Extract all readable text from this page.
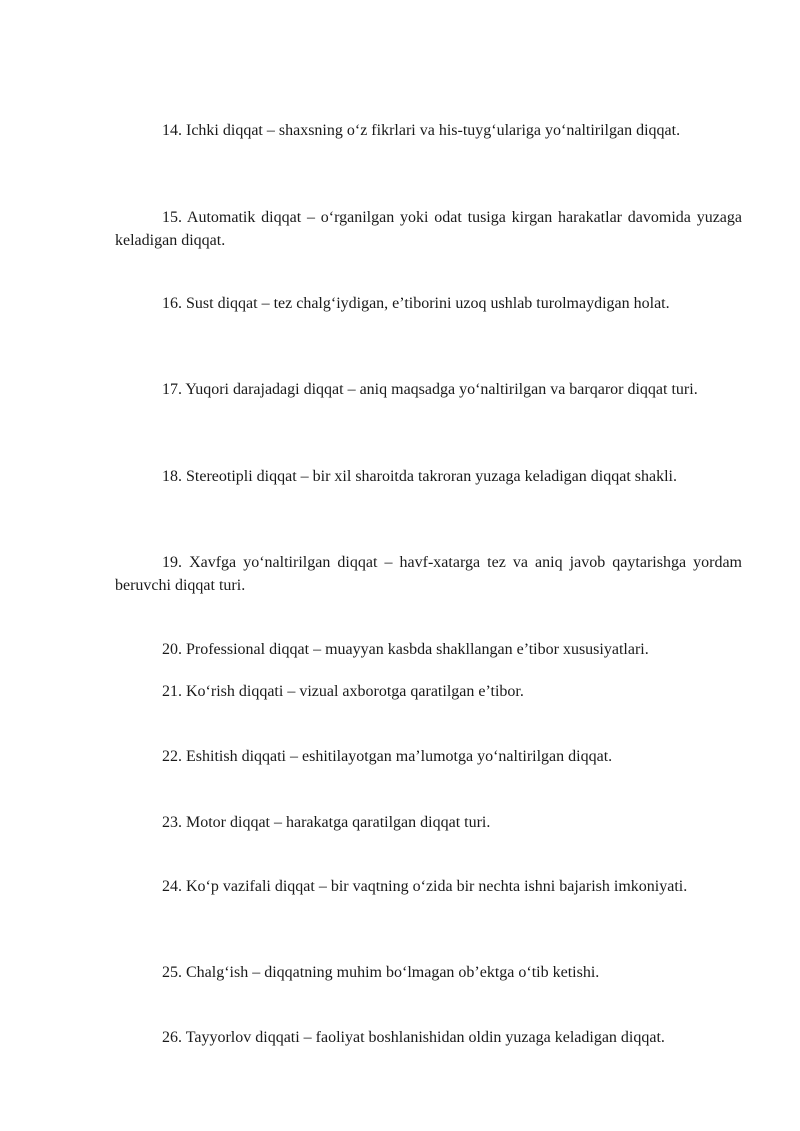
14. Ichki diqqat – shaxsning o‘z fikrlari va his-tuyg‘ulariga yo‘naltirilgan diqqat.

15. Automatik diqqat – o‘rganilgan yoki odat tusiga kirgan harakatlar davomida yuzaga keladigan diqqat.

16. Sust diqqat – tez chalg‘iydigan, e’tiborini uzoq ushlab turolmaydigan holat.

17. Yuqori darajadagi diqqat – aniq maqsadga yo‘naltirilgan va barqaror diqqat turi.

18. Stereotipli diqqat – bir xil sharoitda takroran yuzaga keladigan diqqat shakli.

19. Xavfga yo‘naltirilgan diqqat – havf-xatarga tez va aniq javob qaytarishga yordam beruvchi diqqat turi.

20. Professional diqqat – muayyan kasbda shakllangan e’tibor xususiyatlari.

21. Ko‘rish diqqati – vizual axborotga qaratilgan e’tibor.

22. Eshitish diqqati – eshitilayotgan ma’lumotga yo‘naltirilgan diqqat.

23. Motor diqqat – harakatga qaratilgan diqqat turi.

24. Ko‘p vazifali diqqat – bir vaqtning o‘zida bir nechta ishni bajarish imkoniyati.

25. Chalg‘ish – diqqatning muhim bo‘lmagan ob’ektga o‘tib ketishi.

26. Tayyorlov diqqati – faoliyat boshlanishidan oldin yuzaga keladigan diqqat.
